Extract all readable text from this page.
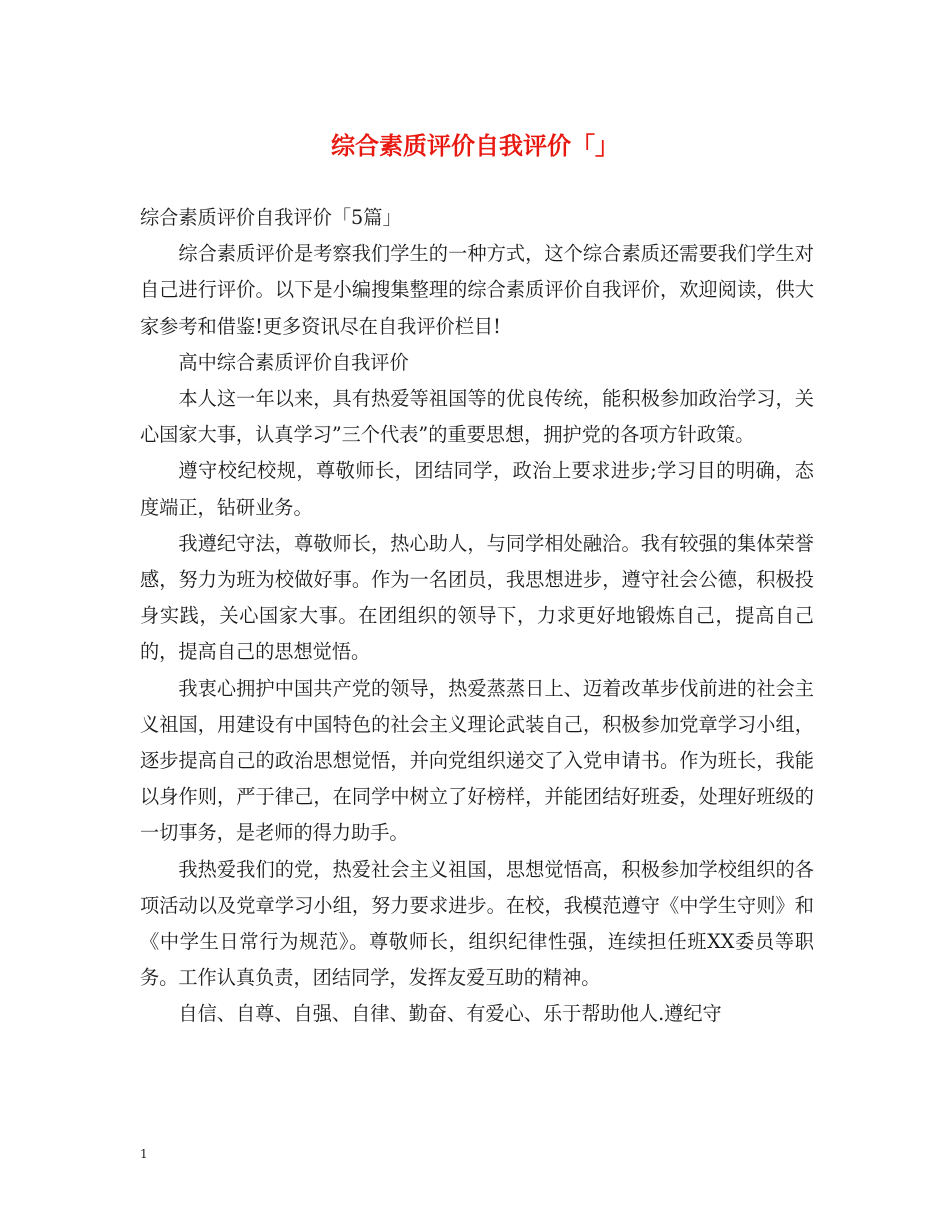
综合素质评价自我评价「」

综合素质评价自我评价「5篇」

综合素质评价是考察我们学生的一种方式，这个综合素质还需要我们学生对自己进行评价。以下是小编搜集整理的综合素质评价自我评价，欢迎阅读，供大家参考和借鉴!更多资讯尽在自我评价栏目!

高中综合素质评价自我评价

本人这一年以来，具有热爱等祖国等的优良传统，能积极参加政治学习，关心国家大事，认真学习”三个代表”的重要思想，拥护党的各项方针政策。

遵守校纪校规，尊敬师长，团结同学，政治上要求进步;学习目的明确，态度端正，钻研业务。

我遵纪守法，尊敬师长，热心助人，与同学相处融洽。我有较强的集体荣誉感，努力为班为校做好事。作为一名团员，我思想进步，遵守社会公德，积极投身实践，关心国家大事。在团组织的领导下，力求更好地锻炼自己，提高自己的，提高自己的思想觉悟。

我衷心拥护中国共产党的领导，热爱蒸蒸日上、迈着改革步伐前进的社会主义祖国，用建设有中国特色的社会主义理论武装自己，积极参加党章学习小组，逐步提高自己的政治思想觉悟，并向党组织递交了入党申请书。作为班长，我能以身作则，严于律己，在同学中树立了好榜样，并能团结好班委，处理好班级的一切事务，是老师的得力助手。

我热爱我们的党，热爱社会主义祖国，思想觉悟高，积极参加学校组织的各项活动以及党章学习小组，努力要求进步。在校，我模范遵守《中学生守则》和《中学生日常行为规范》。尊敬师长，组织纪律性强，连续担任班XX委员等职务。工作认真负责，团结同学，发挥友爱互助的精神。

自信、自尊、自强、自律、勤奋、有爱心、乐于帮助他人.遵纪守

1
